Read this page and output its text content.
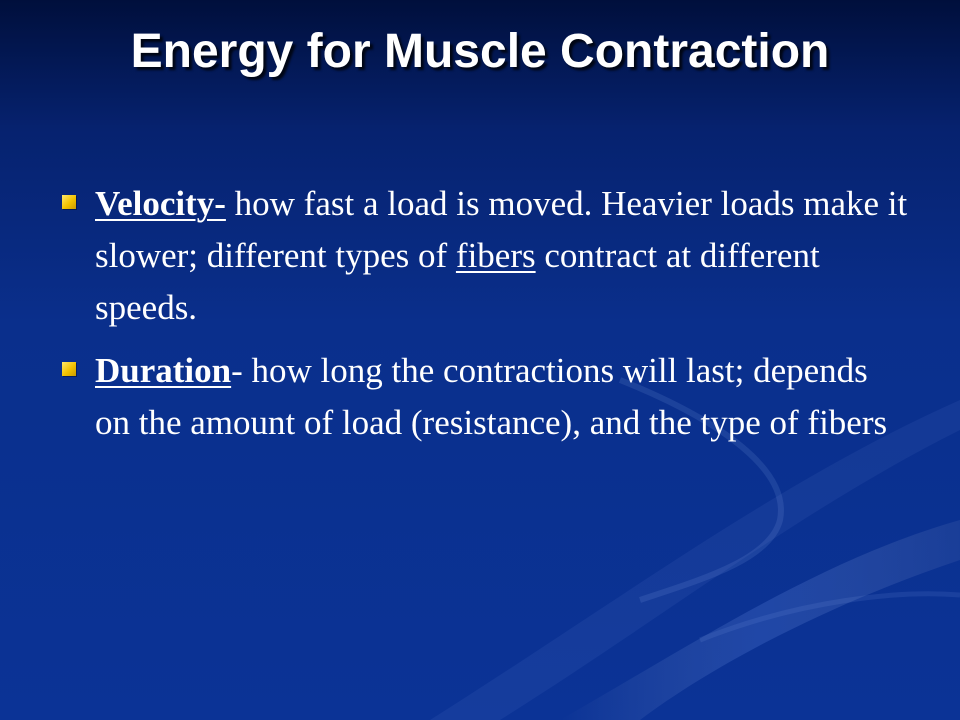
Energy for Muscle Contraction
Velocity- how fast a load is moved. Heavier loads make it slower; different types of fibers contract at different speeds.
Duration- how long the contractions will last; depends on the amount of load (resistance), and the type of fibers
